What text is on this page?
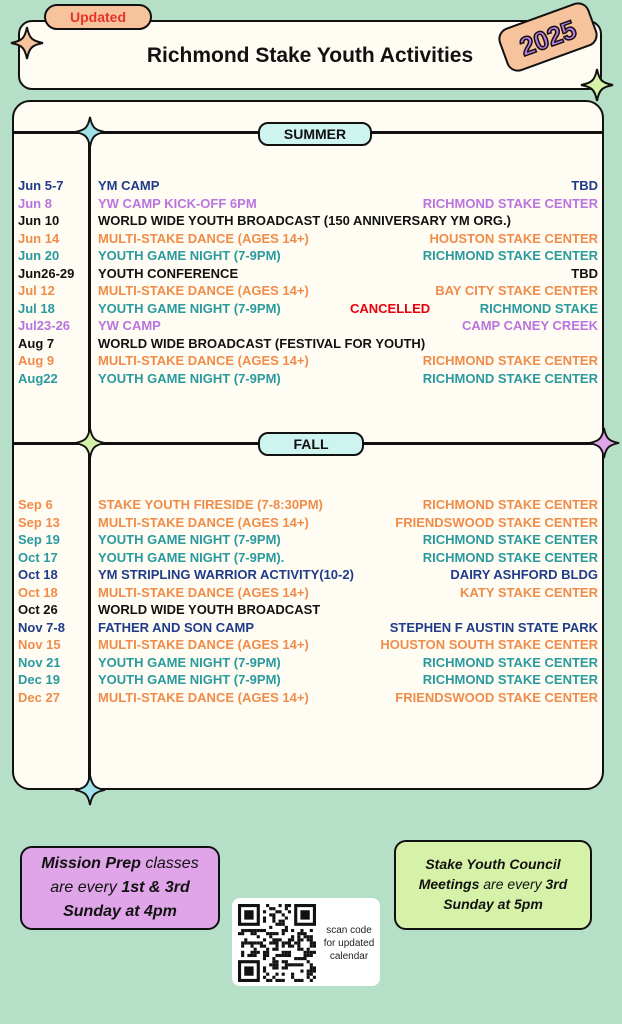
Richmond Stake Youth Activities
Updated	2025
SUMMER
FALL
Jun 5-7	YM CAMP	TBD
Jun 8	YW CAMP KICK-OFF 6PM	RICHMOND STAKE CENTER
Jun 10	WORLD WIDE YOUTH BROADCAST (150 ANNIVERSARY YM ORG.)
Jun 14	MULTI-STAKE DANCE (AGES 14+)	HOUSTON STAKE CENTER
Jun 20	YOUTH GAME NIGHT (7-9PM)	RICHMOND STAKE CENTER
Jun26-29 YOUTH CONFERENCE	TBD
Jul 12	MULTI-STAKE DANCE (AGES 14+)	BAY CITY STAKE CENTER
Jul 18	YOUTH GAME NIGHT (7-9PM)	CANCELLED	RICHMOND STAKE
Jul23-26 YW CAMP	CAMP CANEY CREEK
Aug 7	WORLD WIDE BROADCAST (FESTIVAL FOR YOUTH)
Aug 9	MULTI-STAKE DANCE (AGES 14+)	RICHMOND STAKE CENTER
Aug22	YOUTH GAME NIGHT (7-9PM)	RICHMOND STAKE CENTER
Sep 6	STAKE YOUTH FIRESIDE (7-8:30PM)	RICHMOND STAKE CENTER
Sep 13	MULTI-STAKE DANCE (AGES 14+)	FRIENDSWOOD STAKE CENTER
Sep 19	YOUTH GAME NIGHT (7-9PM)	RICHMOND STAKE CENTER
Oct 17	YOUTH GAME NIGHT (7-9PM).	RICHMOND STAKE CENTER
Oct 18	YM STRIPLING WARRIOR ACTIVITY(10-2)	DAIRY ASHFORD BLDG
Oct 18	MULTI-STAKE DANCE (AGES 14+)	KATY STAKE CENTER
Oct 26	WORLD WIDE YOUTH BROADCAST
Nov 7-8	FATHER AND SON CAMP	STEPHEN F AUSTIN STATE PARK
Nov 15	MULTI-STAKE DANCE (AGES 14+)	HOUSTON SOUTH STAKE CENTER
Nov 21	YOUTH GAME NIGHT (7-9PM)	RICHMOND STAKE CENTER
Dec 19	YOUTH GAME NIGHT (7-9PM)	RICHMOND STAKE CENTER
Dec 27	MULTI-STAKE DANCE (AGES 14+)	FRIENDSWOOD STAKE CENTER
Mission Prep classes
are every 1st & 3rd
Sunday at 4pm
Stake Youth Council
Meetings are every 3rd
Sunday at 5pm
scan code for updated calendar
